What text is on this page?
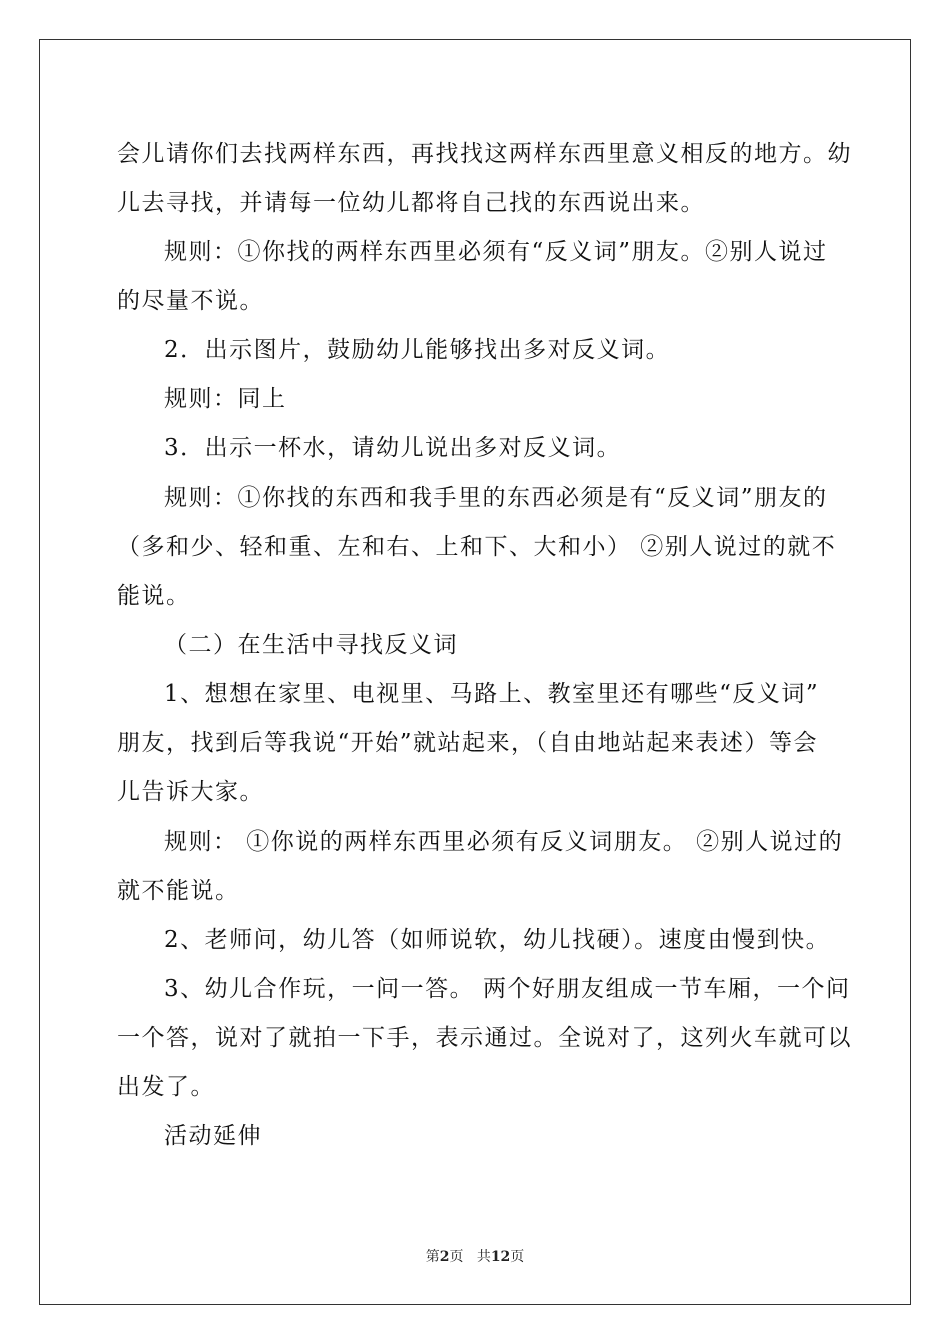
会儿请你们去找两样东西，再找找这两样东西里意义相反的地方。幼
儿去寻找，并请每一位幼儿都将自己找的东西说出来。
规则：①你找的两样东西里必须有“反义词”朋友。②别人说过
的尽量不说。
2．出示图片，鼓励幼儿能够找出多对反义词。
规则：同上
3．出示一杯水，请幼儿说出多对反义词。
规则：①你找的东西和我手里的东西必须是有“反义词”朋友的
（多和少、轻和重、左和右、上和下、大和小） ②别人说过的就不
能说。
（二）在生活中寻找反义词
1、想想在家里、电视里、马路上、教室里还有哪些“反义词”
朋友，找到后等我说“开始”就站起来，（自由地站起来表述）等会
儿告诉大家。
规则： ①你说的两样东西里必须有反义词朋友。 ②别人说过的
就不能说。
2、老师问，幼儿答（如师说软，幼儿找硬）。速度由慢到快。
3、幼儿合作玩，一问一答。 两个好朋友组成一节车厢，一个问
一个答，说对了就拍一下手，表示通过。全说对了，这列火车就可以
出发了。
活动延伸
第2页 共12页
